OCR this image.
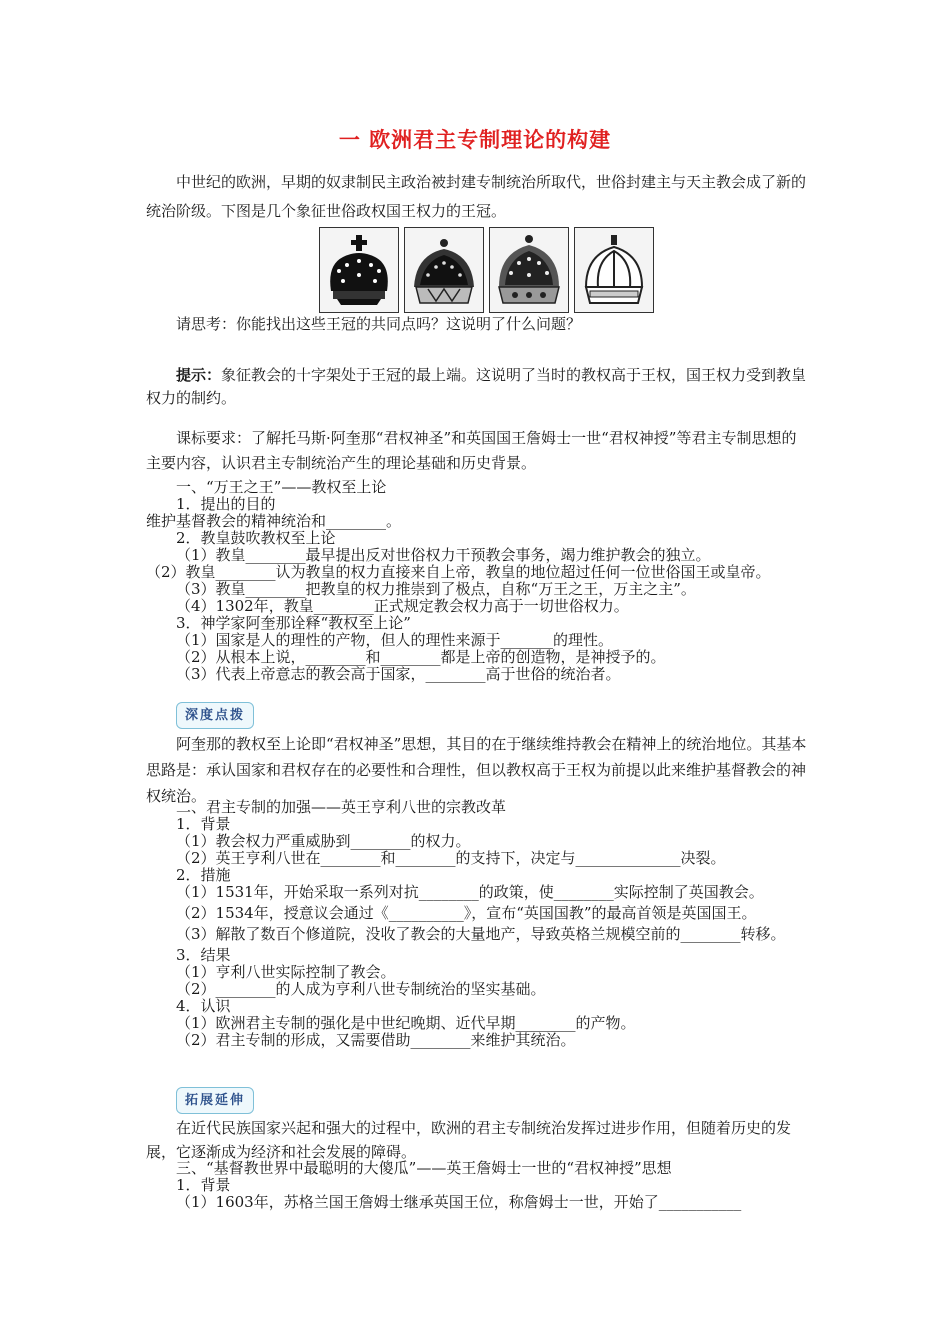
一 欧洲君主专制理论的构建

中世纪的欧洲，早期的奴隶制民主政治被封建专制统治所取代，世俗封建主与天主教会成了新的统治阶级。下图是几个象征世俗政权国王权力的王冠。

请思考：你能找出这些王冠的共同点吗？这说明了什么问题？

提示：象征教会的十字架处于王冠的最上端。这说明了当时的教权高于王权，国王权力受到教皇权力的制约。

课标要求：了解托马斯·阿奎那“君权神圣”和英国国王詹姆士一世“君权神授”等君主专制思想的主要内容，认识君主专制统治产生的理论基础和历史背景。

一、“万王之王”——教权至上论

1．提出的目的

维护基督教会的精神统治和________。

2．教皇鼓吹教权至上论

（1）教皇________最早提出反对世俗权力干预教会事务，竭力维护教会的独立。

（2）教皇________认为教皇的权力直接来自上帝，教皇的地位超过任何一位世俗国王或皇帝。

（3）教皇________把教皇的权力推崇到了极点，自称“万王之王，万主之主”。

（4）1302年，教皇________正式规定教会权力高于一切世俗权力。

3．神学家阿奎那诠释“教权至上论”

（1）国家是人的理性的产物，但人的理性来源于_______的理性。

（2）从根本上说，________和________都是上帝的创造物，是神授予的。

（3）代表上帝意志的教会高于国家，________高于世俗的统治者。

深度点拨

阿奎那的教权至上论即“君权神圣”思想，其目的在于继续维持教会在精神上的统治地位。其基本思路是：承认国家和君权存在的必要性和合理性，但以教权高于王权为前提以此来维护基督教会的神权统治。

二、君主专制的加强——英王亨利八世的宗教改革

1．背景

（1）教会权力严重威胁到________的权力。

（2）英王亨利八世在________和________的支持下，决定与______________决裂。

2．措施

（1）1531年，开始采取一系列对抗________的政策，使________实际控制了英国教会。

（2）1534年，授意议会通过《__________》，宣布“英国国教”的最高首领是英国国王。

（3）解散了数百个修道院，没收了教会的大量地产，导致英格兰规模空前的________转移。

3．结果

（1）亨利八世实际控制了教会。

（2）________的人成为亨利八世专制统治的坚实基础。

4．认识

（1）欧洲君主专制的强化是中世纪晚期、近代早期________的产物。

（2）君主专制的形成，又需要借助________来维护其统治。

拓展延伸

在近代民族国家兴起和强大的过程中，欧洲的君主专制统治发挥过进步作用，但随着历史的发展，它逐渐成为经济和社会发展的障碍。

三、“基督教世界中最聪明的大傻瓜”——英王詹姆士一世的“君权神授”思想

1．背景

（1）1603年，苏格兰国王詹姆士继承英国王位，称詹姆士一世，开始了___________
